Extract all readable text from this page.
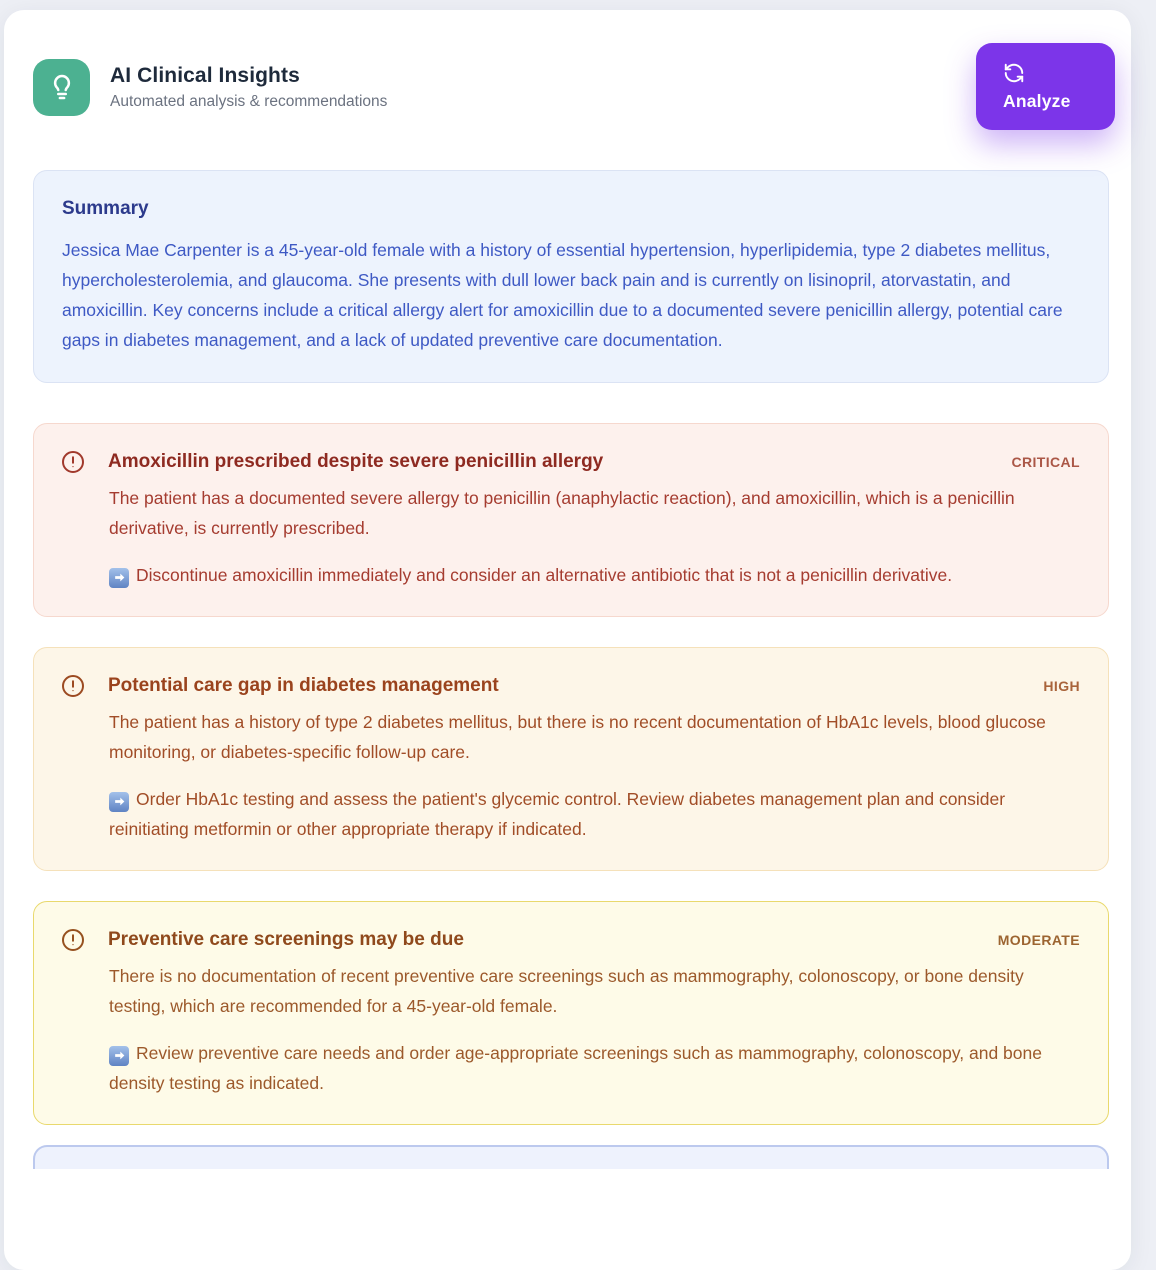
AI Clinical Insights
Automated analysis & recommendations	Analyze
Summary
Jessica Mae Carpenter is a 45-year-old female with a history of essential hypertension, hyperlipidemia, type 2 diabetes mellitus, hypercholesterolemia, and glaucoma. She presents with dull lower back pain and is currently on lisinopril, atorvastatin, and amoxicillin. Key concerns include a critical allergy alert for amoxicillin due to a documented severe penicillin allergy, potential care gaps in diabetes management, and a lack of updated preventive care documentation.
Amoxicillin prescribed despite severe penicillin allergy	CRITICAL
The patient has a documented severe allergy to penicillin (anaphylactic reaction), and amoxicillin, which is a penicillin derivative, is currently prescribed.
Discontinue amoxicillin immediately and consider an alternative antibiotic that is not a penicillin derivative.
Potential care gap in diabetes management	HIGH
The patient has a history of type 2 diabetes mellitus, but there is no recent documentation of HbA1c levels, blood glucose monitoring, or diabetes-specific follow-up care.
Order HbA1c testing and assess the patient's glycemic control. Review diabetes management plan and consider reinitiating metformin or other appropriate therapy if indicated.
Preventive care screenings may be due	MODERATE
There is no documentation of recent preventive care screenings such as mammography, colonoscopy, or bone density testing, which are recommended for a 45-year-old female.
Review preventive care needs and order age-appropriate screenings such as mammography, colonoscopy, and bone density testing as indicated.
